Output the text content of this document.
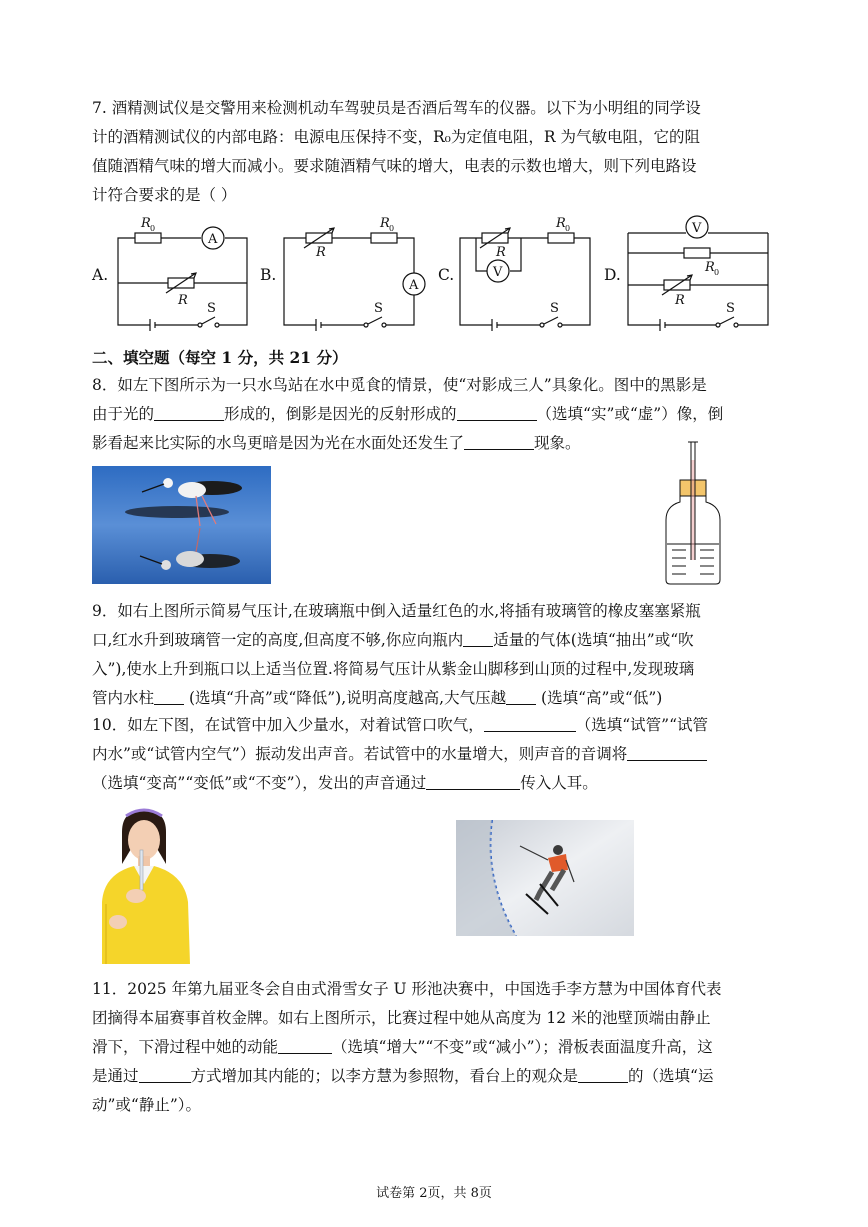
7. 酒精测试仪是交警用来检测机动车驾驶员是否酒后驾车的仪器。以下为小明组的同学设
计的酒精测试仪的内部电路：电源电压保持不变，R₀为定值电阻，R 为气敏电阻，它的阻
值随酒精气味的增大而减小。要求随酒精气味的增大，电表的示数也增大，则下列电路设
计符合要求的是（ ）
A.	B.	C.	D.
R 0
A
R
S
R 0
R
A
S
R 0
R
V
S
V
R 0
R
S
二、填空题（每空 1 分，共 21 分）
8．如左下图所示为一只水鸟站在水中觅食的情景，使“对影成三人”具象化。图中的黑影是
由于光的	形成的，倒影是因光的反射形成的	（选填“实”或“虚”）像，倒
影看起来比实际的水鸟更暗是因为光在水面处还发生了	现象。
9．如右上图所示简易气压计,在玻璃瓶中倒入适量红色的水,将插有玻璃管的橡皮塞塞紧瓶
口,红水升到玻璃管一定的高度,但高度不够,你应向瓶内 适量的气体(选填“抽出”或“吹
入”),使水上升到瓶口以上适当位置.将简易气压计从紫金山脚移到山顶的过程中,发现玻璃
管内水柱 (选填“升高”或“降低”),说明高度越高,大气压越 (选填“高”或“低”)
10．如左下图，在试管中加入少量水，对着试管口吹气，	（选填“试管”“试管
内水”或“试管内空气”）振动发出声音。若试管中的水量增大，则声音的音调将
（选填“变高”“变低”或“不变”），发出的声音通过	传入人耳。
11．2025 年第九届亚冬会自由式滑雪女子 U 形池决赛中，中国选手李方慧为中国体育代表
团摘得本届赛事首枚金牌。如右上图所示，比赛过程中她从高度为 12 米的池壁顶端由静止
滑下，下滑过程中她的动能	（选填“增大”“不变”或“减小”）；滑板表面温度升高，这
是通过	方式增加其内能的；以李方慧为参照物，看台上的观众是	的（选填“运
动”或“静止”）。
试卷第 2页，共 8页
